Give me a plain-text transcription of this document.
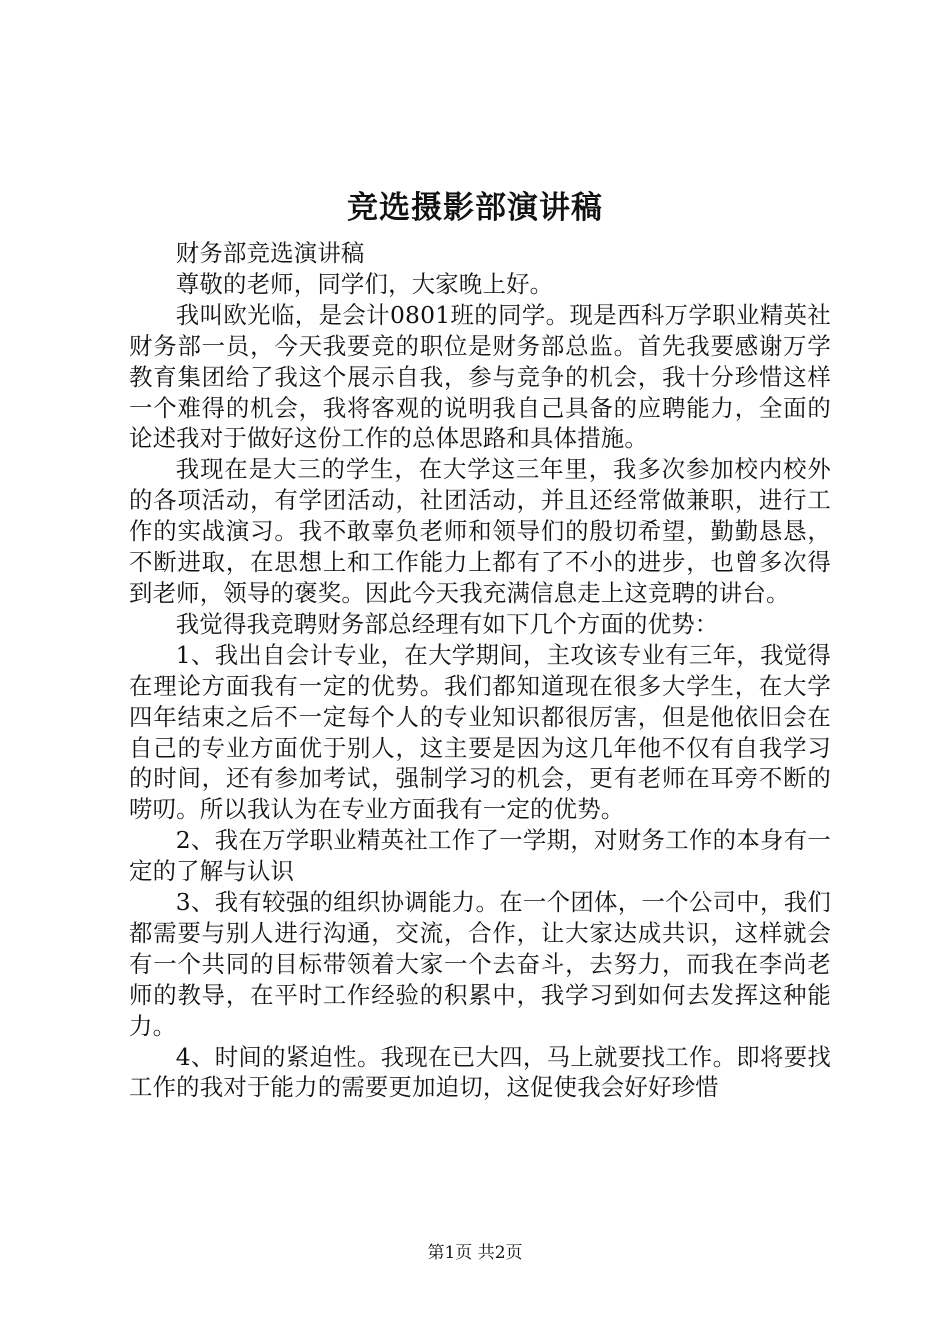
竞选摄影部演讲稿

财务部竞选演讲稿

尊敬的老师，同学们，大家晚上好。

我叫欧光临，是会计0801班的同学。现是西科万学职业精英社财务部一员，今天我要竞的职位是财务部总监。首先我要感谢万学教育集团给了我这个展示自我，参与竞争的机会，我十分珍惜这样一个难得的机会，我将客观的说明我自己具备的应聘能力，全面的论述我对于做好这份工作的总体思路和具体措施。

我现在是大三的学生，在大学这三年里，我多次参加校内校外的各项活动，有学团活动，社团活动，并且还经常做兼职，进行工作的实战演习。我不敢辜负老师和领导们的殷切希望，勤勤恳恳，不断进取，在思想上和工作能力上都有了不小的进步，也曾多次得到老师，领导的褒奖。因此今天我充满信息走上这竞聘的讲台。

我觉得我竞聘财务部总经理有如下几个方面的优势：

1、我出自会计专业，在大学期间，主攻该专业有三年，我觉得在理论方面我有一定的优势。我们都知道现在很多大学生，在大学四年结束之后不一定每个人的专业知识都很厉害，但是他依旧会在自己的专业方面优于别人，这主要是因为这几年他不仅有自我学习的时间，还有参加考试，强制学习的机会，更有老师在耳旁不断的唠叨。所以我认为在专业方面我有一定的优势。

2、我在万学职业精英社工作了一学期，对财务工作的本身有一定的了解与认识

3、我有较强的组织协调能力。在一个团体，一个公司中，我们都需要与别人进行沟通，交流，合作，让大家达成共识，这样就会有一个共同的目标带领着大家一个去奋斗，去努力，而我在李尚老师的教导，在平时工作经验的积累中，我学习到如何去发挥这种能力。

4、时间的紧迫性。我现在已大四，马上就要找工作。即将要找工作的我对于能力的需要更加迫切，这促使我会好好珍惜

第1页 共2页
